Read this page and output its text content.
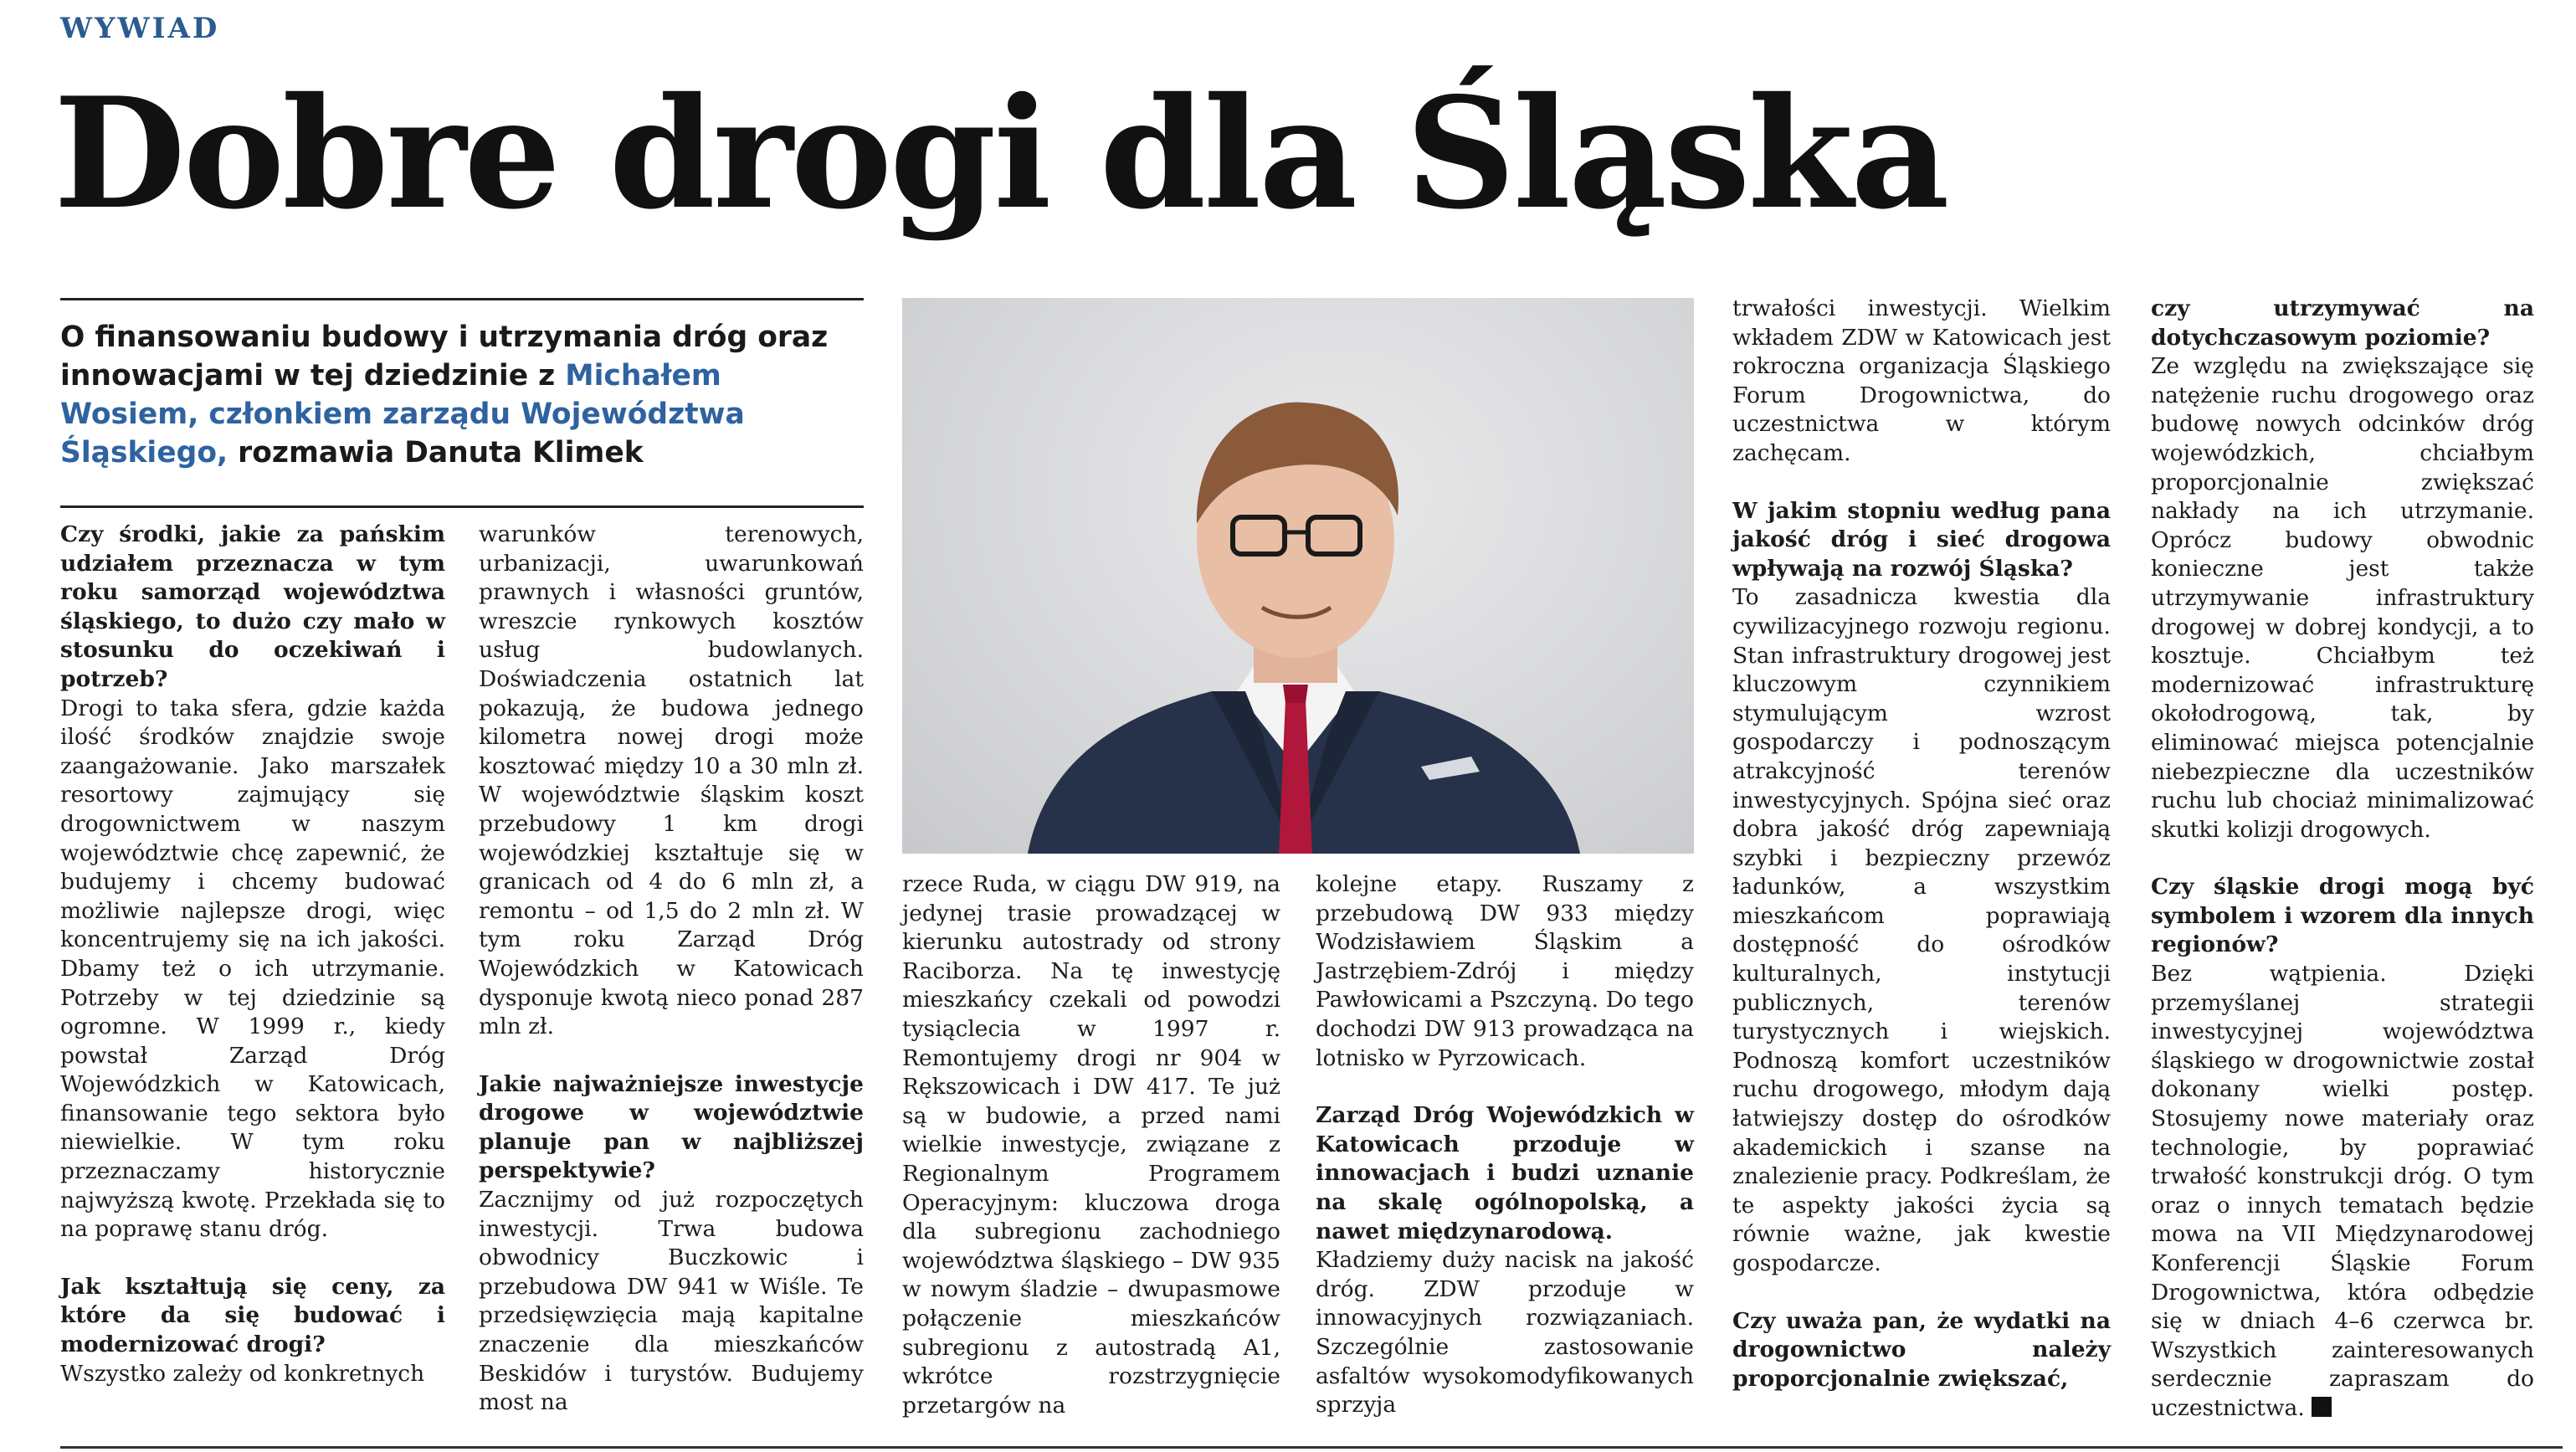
WYWIAD
Dobre drogi dla Śląska
O finansowaniu budowy i utrzymania dróg oraz innowacjami w tej dziedzinie z Michałem Wosiem, członkiem zarządu Województwa Śląskiego, rozmawia Danuta Klimek

Czy środki, jakie za pańskim udziałem przeznacza w tym roku samorząd województwa śląskiego, to dużo czy mało w stosunku do oczekiwań i potrzeb?

Drogi to taka sfera, gdzie każda ilość środków znajdzie swoje zaangażowanie. Jako marszałek resortowy zajmujący się drogownictwem w naszym województwie chcę zapewnić, że budujemy i chcemy budować możliwie najlepsze drogi, więc koncentrujemy się na ich jakości. Dbamy też o ich utrzymanie. Potrzeby w tej dziedzinie są ogromne. W 1999 r., kiedy powstał Zarząd Dróg Wojewódzkich w Katowicach, finansowanie tego sektora było niewielkie. W tym roku przeznaczamy historycznie najwyższą kwotę. Przekłada się to na poprawę stanu dróg.

Jak kształtują się ceny, za które da się budować i modernizować drogi?

Wszystko zależy od konkretnych

warunków terenowych, urbanizacji, uwarunkowań prawnych i własności gruntów, wreszcie rynkowych kosztów usług budowlanych. Doświadczenia ostatnich lat pokazują, że budowa jednego kilometra nowej drogi może kosztować między 10 a 30 mln zł. W województwie śląskim koszt przebudowy 1 km drogi wojewódzkiej kształtuje się w granicach od 4 do 6 mln zł, a remontu – od 1,5 do 2 mln zł. W tym roku Zarząd Dróg Wojewódzkich w Katowicach dysponuje kwotą nieco ponad 287 mln zł.

Jakie najważniejsze inwestycje drogowe w województwie planuje pan w najbliższej perspektywie?

Zacznijmy od już rozpoczętych inwestycji. Trwa budowa obwodnicy Buczkowic i przebudowa DW 941 w Wiśle. Te przedsięwzięcia mają kapitalne znaczenie dla mieszkańców Beskidów i turystów. Budujemy most na

rzece Ruda, w ciągu DW 919, na jedynej trasie prowadzącej w kierunku autostrady od strony Raciborza. Na tę inwestycję mieszkańcy czekali od powodzi tysiąclecia w 1997 r. Remontujemy drogi nr 904 w Rększowicach i DW 417. Te już są w budowie, a przed nami wielkie inwestycje, związane z Regionalnym Programem Operacyjnym: kluczowa droga dla subregionu zachodniego województwa śląskiego – DW 935 w nowym śladzie – dwupasmowe połączenie mieszkańców subregionu z autostradą A1, wkrótce rozstrzygnięcie przetargów na

kolejne etapy. Ruszamy z przebudową DW 933 między Wodzisławiem Śląskim a Jastrzębiem-Zdrój i między Pawłowicami a Pszczyną. Do tego dochodzi DW 913 prowadząca na lotnisko w Pyrzowicach.

Zarząd Dróg Wojewódzkich w Katowicach przoduje w innowacjach i budzi uznanie na skalę ogólnopolską, a nawet międzynarodową.

Kładziemy duży nacisk na jakość dróg. ZDW przoduje w innowacyjnych rozwiązaniach. Szczególnie zastosowanie asfaltów wysokomodyfikowanych sprzyja

trwałości inwestycji. Wielkim wkładem ZDW w Katowicach jest rokroczna organizacja Śląskiego Forum Drogownictwa, do uczestnictwa w którym zachęcam.

W jakim stopniu według pana jakość dróg i sieć drogowa wpływają na rozwój Śląska?

To zasadnicza kwestia dla cywilizacyjnego rozwoju regionu. Stan infrastruktury drogowej jest kluczowym czynnikiem stymulującym wzrost gospodarczy i podnoszącym atrakcyjność terenów inwestycyjnych. Spójna sieć oraz dobra jakość dróg zapewniają szybki i bezpieczny przewóz ładunków, a wszystkim mieszkańcom poprawiają dostępność do ośrodków kulturalnych, instytucji publicznych, terenów turystycznych i wiejskich. Podnoszą komfort uczestników ruchu drogowego, młodym dają łatwiejszy dostęp do ośrodków akademickich i szanse na znalezienie pracy. Podkreślam, że te aspekty jakości życia są równie ważne, jak kwestie gospodarcze.

Czy uważa pan, że wydatki na drogownictwo należy proporcjonalnie zwiększać,

czy utrzymywać na dotychczasowym poziomie?

Ze względu na zwiększające się natężenie ruchu drogowego oraz budowę nowych odcinków dróg wojewódzkich, chciałbym proporcjonalnie zwiększać nakłady na ich utrzymanie. Oprócz budowy obwodnic konieczne jest także utrzymywanie infrastruktury drogowej w dobrej kondycji, a to kosztuje. Chciałbym też modernizować infrastrukturę okołodrogową, tak, by eliminować miejsca potencjalnie niebezpieczne dla uczestników ruchu lub chociaż minimalizować skutki kolizji drogowych.

Czy śląskie drogi mogą być symbolem i wzorem dla innych regionów?

Bez wątpienia. Dzięki przemyślanej strategii inwestycyjnej województwa śląskiego w drogownictwie został dokonany wielki postęp. Stosujemy nowe materiały oraz technologie, by poprawiać trwałość konstrukcji dróg. O tym oraz o innych tematach będzie mowa na VII Międzynarodowej Konferencji Śląskie Forum Drogownictwa, która odbędzie się w dniach 4–6 czerwca br. Wszystkich zainteresowanych serdecznie zapraszam do uczestnictwa.
